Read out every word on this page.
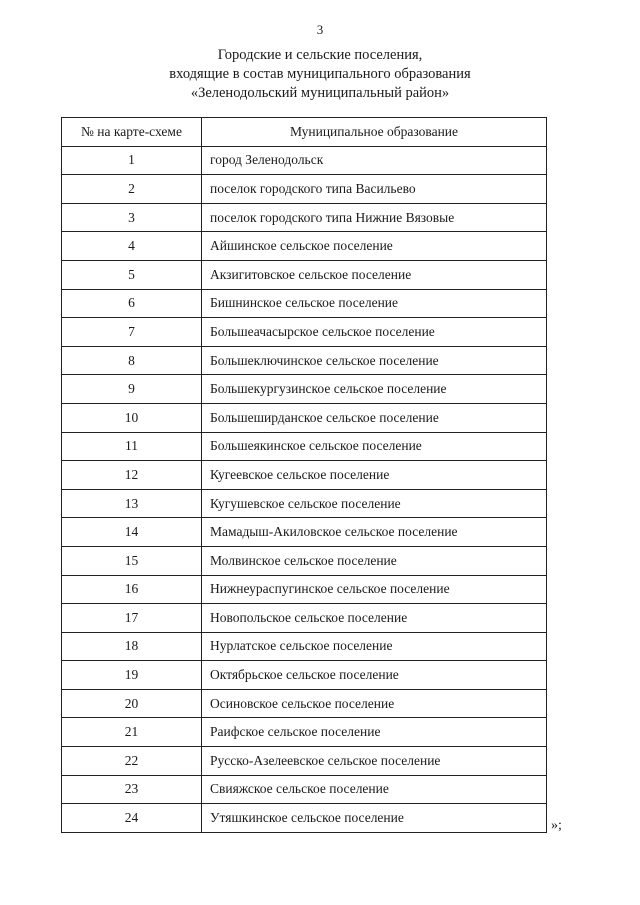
3
Городские и сельские поселения,
входящие в состав муниципального образования
«Зеленодольский муниципальный район»
№ на карте-схеме	Муниципальное образование
1	город Зеленодольск
2	поселок городского типа Васильево
3	поселок городского типа Нижние Вязовые
4	Айшинское сельское поселение
5	Акзигитовское сельское поселение
6	Бишнинское сельское поселение
7	Большеачасырское сельское поселение
8	Большеключинское сельское поселение
9	Большекургузинское сельское поселение
10	Большеширданское сельское поселение
11	Большеякинское сельское поселение
12	Кугеевское сельское поселение
13	Кугушевское сельское поселение
14	Мамадыш-Акиловское сельское поселение
15	Молвинское сельское поселение
16	Нижнеураспугинское сельское поселение
17	Новопольское сельское поселение
18	Нурлатское сельское поселение
19	Октябрьское сельское поселение
20	Осиновское сельское поселение
21	Раифское сельское поселение
22	Русско-Азелеевское сельское поселение
23	Свияжское сельское поселение
24	Утяшкинское сельское поселение
»;
